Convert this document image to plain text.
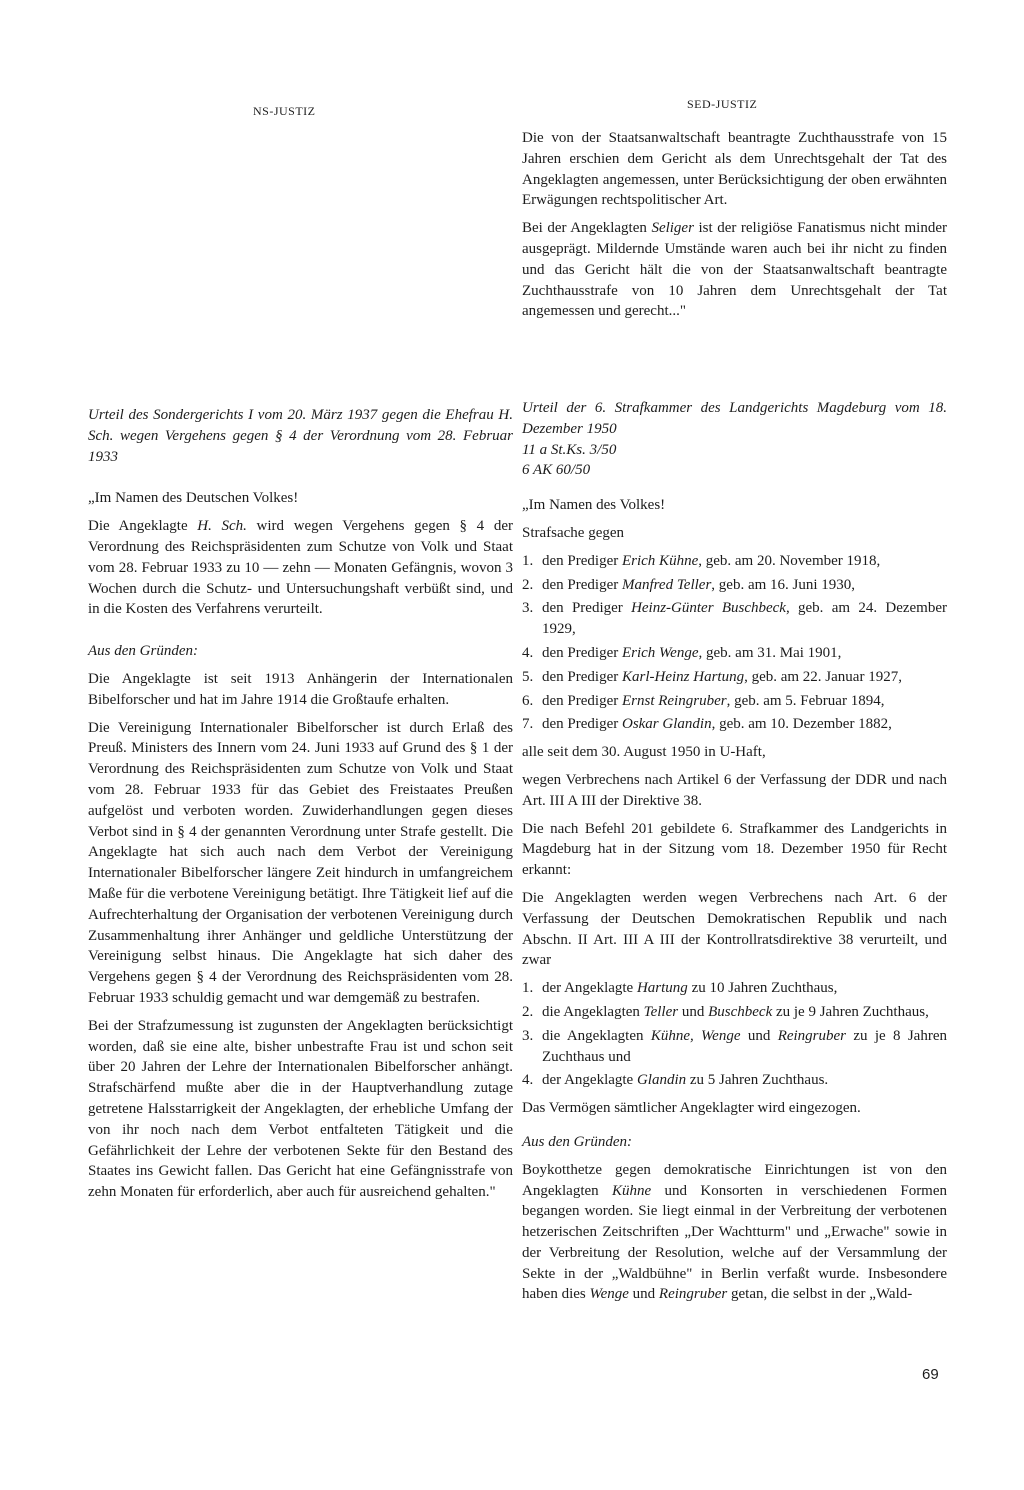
NS-JUSTIZ	SED-JUSTIZ

Die von der Staatsanwaltschaft beantragte Zuchthausstrafe von 15 Jahren erschien dem Gericht als dem Unrechtsgehalt der Tat des Angeklagten angemessen, unter Berücksichtigung der oben erwähnten Erwägungen rechtspolitischer Art.

Bei der Angeklagten Seliger ist der religiöse Fanatismus nicht minder ausgeprägt. Mildernde Umstände waren auch bei ihr nicht zu finden und das Gericht hält die von der Staatsanwaltschaft beantragte Zuchthausstrafe von 10 Jahren dem Unrechtsgehalt der Tat angemessen und gerecht..."

Urteil des Sondergerichts I vom 20. März 1937 gegen die Ehefrau H. Sch. wegen Vergehens gegen § 4 der Verordnung vom 28. Februar 1933

„Im Namen des Deutschen Volkes!

Die Angeklagte H. Sch. wird wegen Vergehens gegen § 4 der Verordnung des Reichspräsidenten zum Schutze von Volk und Staat vom 28. Februar 1933 zu 10 — zehn — Monaten Gefängnis, wovon 3 Wochen durch die Schutz- und Untersuchungshaft verbüßt sind, und in die Kosten des Verfahrens verurteilt.

Aus den Gründen:

Die Angeklagte ist seit 1913 Anhängerin der Internationalen Bibelforscher und hat im Jahre 1914 die Großtaufe erhalten.

Die Vereinigung Internationaler Bibelforscher ist durch Erlaß des Preuß. Ministers des Innern vom 24. Juni 1933 auf Grund des § 1 der Verordnung des Reichspräsidenten zum Schutze von Volk und Staat vom 28. Februar 1933 für das Gebiet des Freistaates Preußen aufgelöst und verboten worden. Zuwiderhandlungen gegen dieses Verbot sind in § 4 der genannten Verordnung unter Strafe gestellt. Die Angeklagte hat sich auch nach dem Verbot der Vereinigung Internationaler Bibelforscher längere Zeit hindurch in umfangreichem Maße für die verbotene Vereinigung betätigt. Ihre Tätigkeit lief auf die Aufrechterhaltung der Organisation der verbotenen Vereinigung durch Zusammenhaltung ihrer Anhänger und geldliche Unterstützung der Vereinigung selbst hinaus. Die Angeklagte hat sich daher des Vergehens gegen § 4 der Verordnung des Reichspräsidenten vom 28. Februar 1933 schuldig gemacht und war demgemäß zu bestrafen.

Bei der Strafzumessung ist zugunsten der Angeklagten berücksichtigt worden, daß sie eine alte, bisher unbestrafte Frau ist und schon seit über 20 Jahren der Lehre der Internationalen Bibelforscher anhängt. Strafschärfend mußte aber die in der Hauptverhandlung zutage getretene Halsstarrigkeit der Angeklagten, der erhebliche Umfang der von ihr noch nach dem Verbot entfalteten Tätigkeit und die Gefährlichkeit der Lehre der verbotenen Sekte für den Bestand des Staates ins Gewicht fallen. Das Gericht hat eine Gefängnisstrafe von zehn Monaten für erforderlich, aber auch für ausreichend gehalten."

Urteil der 6. Strafkammer des Landgerichts Magdeburg vom 18. Dezember 1950

11 a St.Ks. 3/50

6 AK 60/50

„Im Namen des Volkes!

Strafsache gegen

1. den Prediger Erich Kühne, geb. am 20. November 1918,
2. den Prediger Manfred Teller, geb. am 16. Juni 1930,
3. den Prediger Heinz-Günter Buschbeck, geb. am 24. Dezember 1929,
4. den Prediger Erich Wenge, geb. am 31. Mai 1901,
5. den Prediger Karl-Heinz Hartung, geb. am 22. Januar 1927,
6. den Prediger Ernst Reingruber, geb. am 5. Februar 1894,
7. den Prediger Oskar Glandin, geb. am 10. Dezember 1882,

alle seit dem 30. August 1950 in U-Haft,

wegen Verbrechens nach Artikel 6 der Verfassung der DDR und nach Art. III A III der Direktive 38.

Die nach Befehl 201 gebildete 6. Strafkammer des Landgerichts in Magdeburg hat in der Sitzung vom 18. Dezember 1950 für Recht erkannt:

Die Angeklagten werden wegen Verbrechens nach Art. 6 der Verfassung der Deutschen Demokratischen Republik und nach Abschn. II Art. III A III der Kontrollratsdirektive 38 verurteilt, und zwar

1. der Angeklagte Hartung zu 10 Jahren Zuchthaus,
2. die Angeklagten Teller und Buschbeck zu je 9 Jahren Zuchthaus,
3. die Angeklagten Kühne, Wenge und Reingruber zu je 8 Jahren Zuchthaus und
4. der Angeklagte Glandin zu 5 Jahren Zuchthaus.

Das Vermögen sämtlicher Angeklagter wird eingezogen.

Aus den Gründen:

Boykotthetze gegen demokratische Einrichtungen ist von den Angeklagten Kühne und Konsorten in verschiedenen Formen begangen worden. Sie liegt einmal in der Verbreitung der verbotenen hetzerischen Zeitschriften „Der Wachtturm" und „Erwache" sowie in der Verbreitung der Resolution, welche auf der Versammlung der Sekte in der „Waldbühne" in Berlin verfaßt wurde. Insbesondere haben dies Wenge und Reingruber getan, die selbst in der „Wald-

69
